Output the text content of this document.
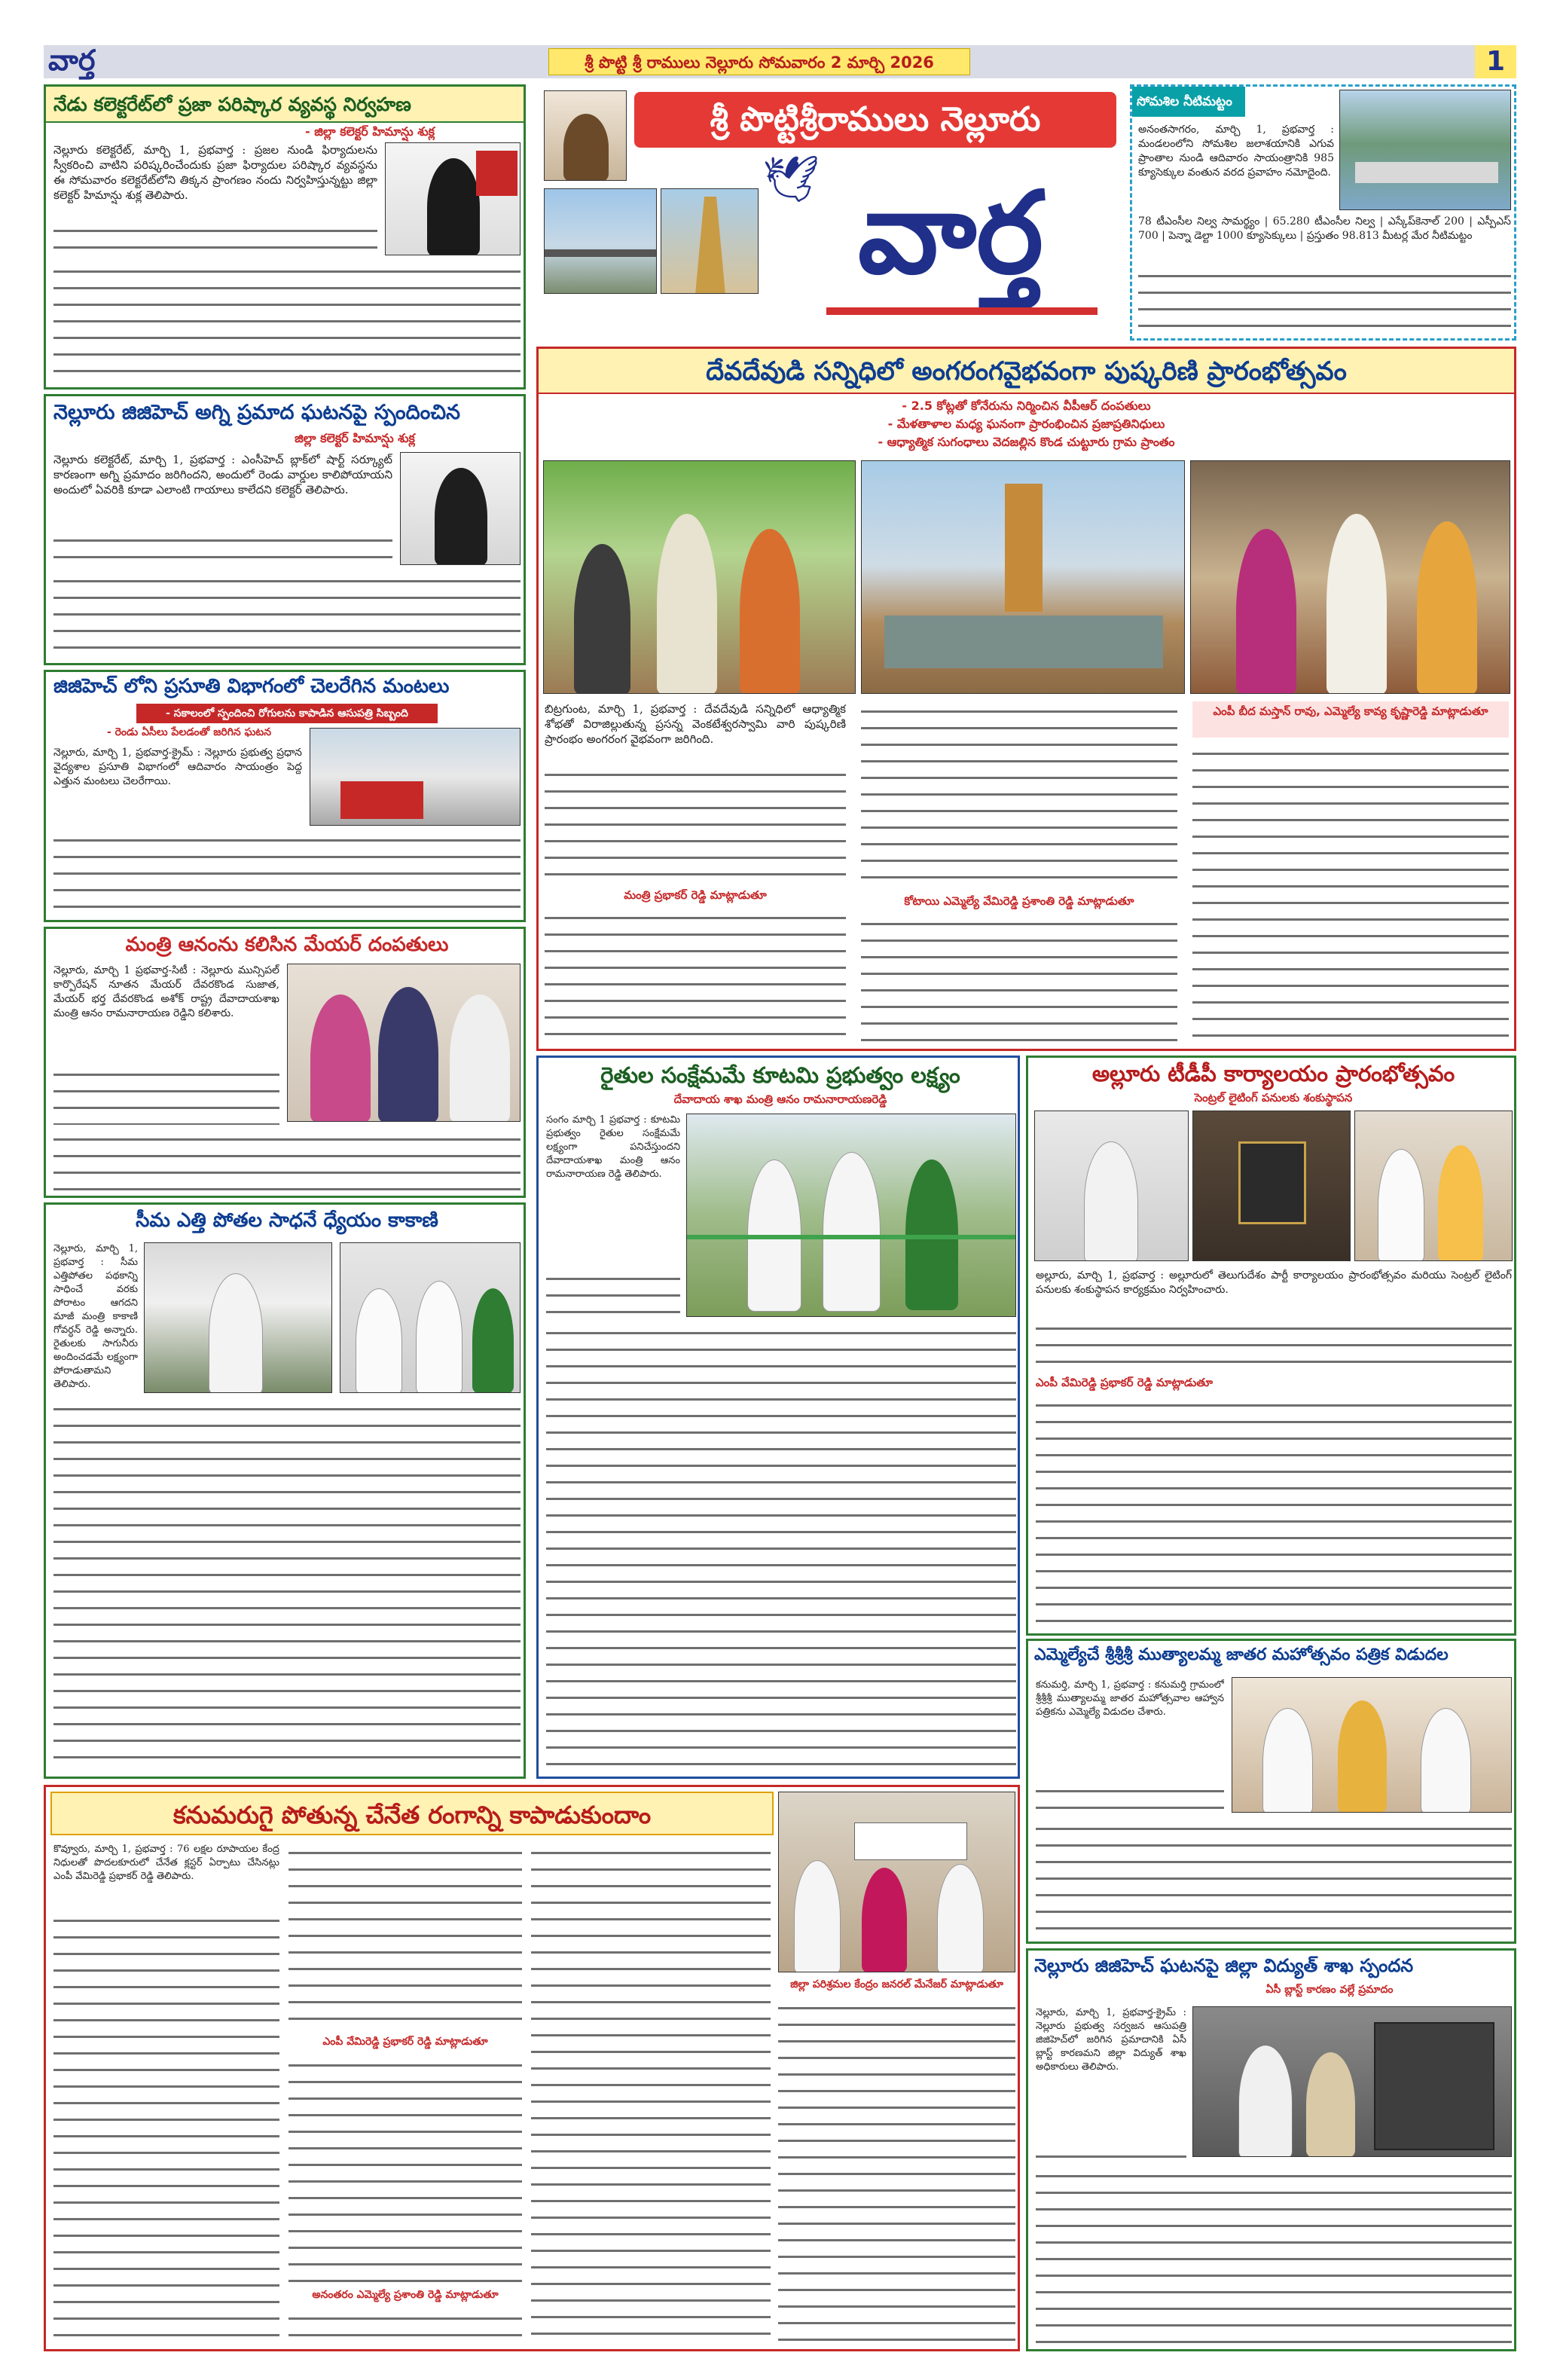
వార్త	శ్రీ పొట్టి శ్రీ రాములు నెల్లూరు సోమవారం 2 మార్చి 2026	1
నేడు కలెక్టరేట్‌లో ప్రజా పరిష్కార వ్యవస్థ నిర్వహణ
- జిల్లా కలెక్టర్ హిమాన్షు శుక్ల
నెల్లూరు కలెక్టరేట్, మార్చి 1, ప్రభవార్త : ప్రజల నుండి ఫిర్యాదులను స్వీకరించి వాటిని పరిష్కరించేందుకు ప్రజా ఫిర్యాదుల పరిష్కార వ్యవస్థను ఈ సోమవారం కలెక్టరేట్‌లోని తిక్కన ప్రాంగణం నందు నిర్వహిస్తున్నట్టు జిల్లా కలెక్టర్ హిమాన్షు శుక్ల తెలిపారు.
శ్రీ పొట్టిశ్రీరాములు నెల్లూరు
🕊 వార్త
సోమశిల నీటిమట్టం
అనంతసాగరం, మార్చి 1, ప్రభవార్త : మండలంలోని సోమశిల జలాశయానికి ఎగువ ప్రాంతాల నుండి ఆదివారం సాయంత్రానికి 985 క్యూసెక్కుల వంతున వరద ప్రవాహం నమోదైంది.
78 టీఎంసీల నిల్వ సామర్థ్యం | 65.280 టీఎంసీల నిల్వ | ఎస్కేప్‌కెనాల్ 200 | ఎస్పీఎస్ 700 | పెన్నా డెల్టా 1000 క్యూసెక్కులు | ప్రస్తుతం 98.813 మీటర్ల మేర నీటిమట్టం
దేవదేవుడి సన్నిధిలో అంగరంగవైభవంగా పుష్కరిణి ప్రారంభోత్సవం
- 2.5 కోట్లతో కోనేరును నిర్మించిన వీపీఆర్ దంపతులు
- మేళతాళాల మధ్య ఘనంగా ప్రారంభించిన ప్రజాప్రతినిధులు
- ఆధ్యాత్మిక సుగంధాలు వెదజల్లిన కొండ చుట్టూరు గ్రామ ప్రాంతం
బిట్రగుంట, మార్చి 1, ప్రభవార్త : దేవదేవుడి సన్నిధిలో ఆధ్యాత్మిక శోభతో విరాజిల్లుతున్న ప్రసన్న వెంకటేశ్వరస్వామి వారి పుష్కరిణి ప్రారంభం అంగరంగ వైభవంగా జరిగింది.
మంత్రి ప్రభాకర్ రెడ్డి మాట్లాడుతూ	కోటాయి ఎమ్మెల్యే వేమిరెడ్డి ప్రశాంతి రెడ్డి మాట్లాడుతూ
ఎంపీ బీద మస్తాన్ రావు, ఎమ్మెల్యే కావ్య కృష్ణారెడ్డి మాట్లాడుతూ
నెల్లూరు జిజిహెచ్ అగ్ని ప్రమాద ఘటనపై స్పందించిన
జిల్లా కలెక్టర్ హిమాన్షు శుక్ల
నెల్లూరు కలెక్టరేట్, మార్చి 1, ప్రభవార్త : ఎంసీహెచ్ బ్లాక్‌లో షార్ట్ సర్క్యూట్ కారణంగా అగ్ని ప్రమాదం జరిగిందని, అందులో రెండు వార్డుల కాలిపోయాయని అందులో ఏవరికి కూడా ఎలాంటి గాయాలు కాలేదని కలెక్టర్ తెలిపారు.
జిజిహెచ్ లోని ప్రసూతి విభాగంలో చెలరేగిన మంటలు
- సకాలంలో స్పందించి రోగులను కాపాడిన ఆసుపత్రి సిబ్బంది
- రెండు ఏసీలు పేలడంతో జరిగిన ఘటన
నెల్లూరు, మార్చి 1, ప్రభవార్త-క్రైమ్ : నెల్లూరు ప్రభుత్వ ప్రధాన వైద్యశాల ప్రసూతి విభాగంలో ఆదివారం సాయంత్రం పెద్ద ఎత్తున మంటలు చెలరేగాయి.
మంత్రి ఆనంను కలిసిన మేయర్ దంపతులు
నెల్లూరు, మార్చి 1 ప్రభవార్త-సిటీ : నెల్లూరు మున్సిపల్ కార్పొరేషన్ నూతన మేయర్ దేవరకొండ సుజాత, మేయర్ భర్త దేవరకొండ అశోక్ రాష్ట్ర దేవాదాయశాఖ మంత్రి ఆనం రామనారాయణ రెడ్డిని కలిశారు.
సీమ ఎత్తి పోతల సాధనే ధ్యేయం కాకాణి
నెల్లూరు, మార్చి 1, ప్రభవార్త : సీమ ఎత్తిపోతల పథకాన్ని సాధించే వరకు పోరాటం ఆగదని మాజీ మంత్రి కాకాణి గోవర్ధన్ రెడ్డి అన్నారు. రైతులకు సాగునీరు అందించడమే లక్ష్యంగా పోరాడుతామని తెలిపారు.
రైతుల సంక్షేమమే కూటమి ప్రభుత్వం లక్ష్యం
దేవాదాయ శాఖ మంత్రి ఆనం రామనారాయణరెడ్డి
సంగం మార్చి 1 ప్రభవార్త : కూటమి ప్రభుత్వం రైతుల సంక్షేమమే లక్ష్యంగా పనిచేస్తుందని దేవాదాయశాఖ మంత్రి ఆనం రామనారాయణ రెడ్డి తెలిపారు.
అల్లూరు టీడీపీ కార్యాలయం ప్రారంభోత్సవం
సెంట్రల్ లైటింగ్ పనులకు శంకుస్థాపన
అల్లూరు, మార్చి 1, ప్రభవార్త : అల్లూరులో తెలుగుదేశం పార్టీ కార్యాలయం ప్రారంభోత్సవం మరియు సెంట్రల్ లైటింగ్ పనులకు శంకుస్థాపన కార్యక్రమం నిర్వహించారు.
ఎంపీ వేమిరెడ్డి ప్రభాకర్ రెడ్డి మాట్లాడుతూ
ఎమ్మెల్యేచే శ్రీశ్రీశ్రీ ముత్యాలమ్మ జాతర మహోత్సవం పత్రిక విడుదల
కనుమర్తి, మార్చి 1, ప్రభవార్త : కనుమర్తి గ్రామంలో శ్రీశ్రీశ్రీ ముత్యాలమ్మ జాతర మహోత్సవాల ఆహ్వాన పత్రికను ఎమ్మెల్యే విడుదల చేశారు.
కనుమరుగై పోతున్న చేనేత రంగాన్ని కాపాడుకుందాం
కొవ్వూరు, మార్చి 1, ప్రభవార్త : 76 లక్షల రూపాయల కేంద్ర నిధులతో పొదలకూరులో చేనేత క్లస్టర్ ఏర్పాటు చేసినట్లు ఎంపీ వేమిరెడ్డి ప్రభాకర్ రెడ్డి తెలిపారు.
ఎంపీ వేమిరెడ్డి ప్రభాకర్ రెడ్డి మాట్లాడుతూ
అనంతరం ఎమ్మెల్యే ప్రశాంతి రెడ్డి మాట్లాడుతూ
జిల్లా పరిశ్రమల కేంద్రం జనరల్ మేనేజర్ మాట్లాడుతూ
నెల్లూరు జిజిహెచ్ ఘటనపై జిల్లా విద్యుత్ శాఖ స్పందన
ఏసీ బ్లాస్ట్ కారణం వల్లే ప్రమాదం
నెల్లూరు, మార్చి 1, ప్రభవార్త-క్రైమ్ : నెల్లూరు ప్రభుత్వ సర్వజన ఆసుపత్రి జిజిహెచ్‌లో జరిగిన ప్రమాదానికి ఏసీ బ్లాస్ట్ కారణమని జిల్లా విద్యుత్ శాఖ అధికారులు తెలిపారు.
